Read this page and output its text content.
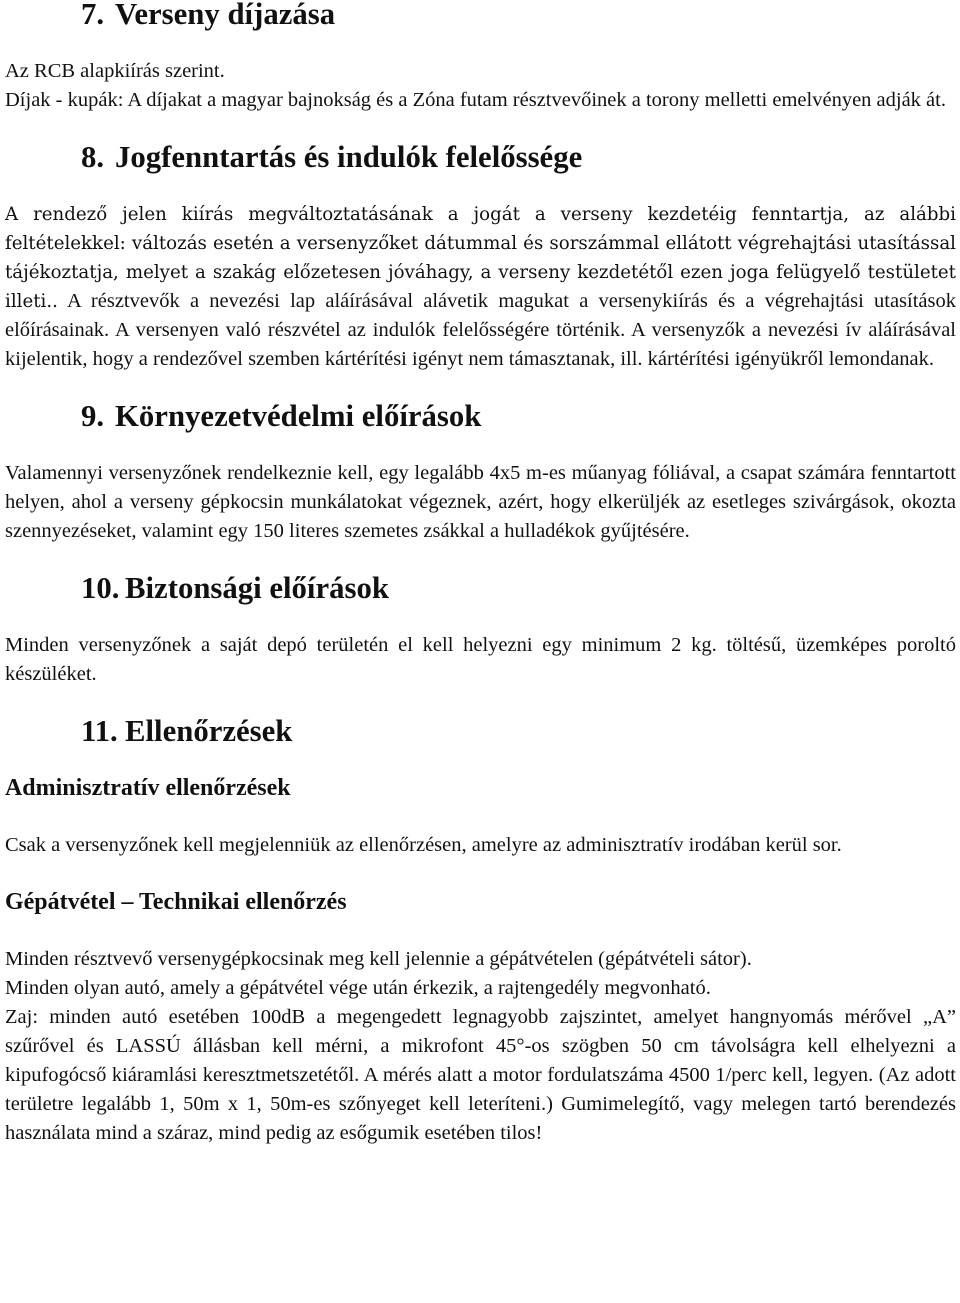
7. Verseny díjazása

Az RCB alapkiírás szerint.

Díjak - kupák: A díjakat a magyar bajnokság és a Zóna futam résztvevőinek a torony melletti emelvényen adják át.

8. Jogfenntartás és indulók felelőssége

A rendező jelen kiírás megváltoztatásának a jogát a verseny kezdetéig fenntartja, az alábbi feltételekkel: változás esetén a versenyzőket dátummal és sorszámmal ellátott végrehajtási utasítással tájékoztatja, melyet a szakág előzetesen jóváhagy, a verseny kezdetétől ezen joga felügyelő testületet illeti.. A résztvevők a nevezési lap aláírásával alávetik magukat a versenykiírás és a végrehajtási utasítások előírásainak. A versenyen való részvétel az indulók felelősségére történik. A versenyzők a nevezési ív aláírásával kijelentik, hogy a rendezővel szemben kártérítési igényt nem támasztanak, ill. kártérítési igényükről lemondanak.

9. Környezetvédelmi előírások

Valamennyi versenyzőnek rendelkeznie kell, egy legalább 4x5 m-es műanyag fóliával, a csapat számára fenntartott helyen, ahol a verseny gépkocsin munkálatokat végeznek, azért, hogy elkerüljék az esetleges szivárgások, okozta szennyezéseket, valamint egy 150 literes szemetes zsákkal a hulladékok gyűjtésére.

10. Biztonsági előírások

Minden versenyzőnek a saját depó területén el kell helyezni egy minimum 2 kg. töltésű, üzemképes poroltó készüléket.

11. Ellenőrzések
Adminisztratív ellenőrzések

Csak a versenyzőnek kell megjelenniük az ellenőrzésen, amelyre az adminisztratív irodában kerül sor.

Gépátvétel – Technikai ellenőrzés

Minden résztvevő versenygépkocsinak meg kell jelennie a gépátvételen (gépátvételi sátor).

Minden olyan autó, amely a gépátvétel vége után érkezik, a rajtengedély megvonható.

Zaj: minden autó esetében 100dB a megengedett legnagyobb zajszintet, amelyet hangnyomás mérővel „A” szűrővel és LASSÚ állásban kell mérni, a mikrofont 45°-os szögben 50 cm távolságra kell elhelyezni a kipufogócső kiáramlási keresztmetszetétől. A mérés alatt a motor fordulatszáma 4500 1/perc kell, legyen. (Az adott területre legalább 1, 50m x 1, 50m-es szőnyeget kell leteríteni.) Gumimelegítő, vagy melegen tartó berendezés használata mind a száraz, mind pedig az esőgumik esetében tilos!
